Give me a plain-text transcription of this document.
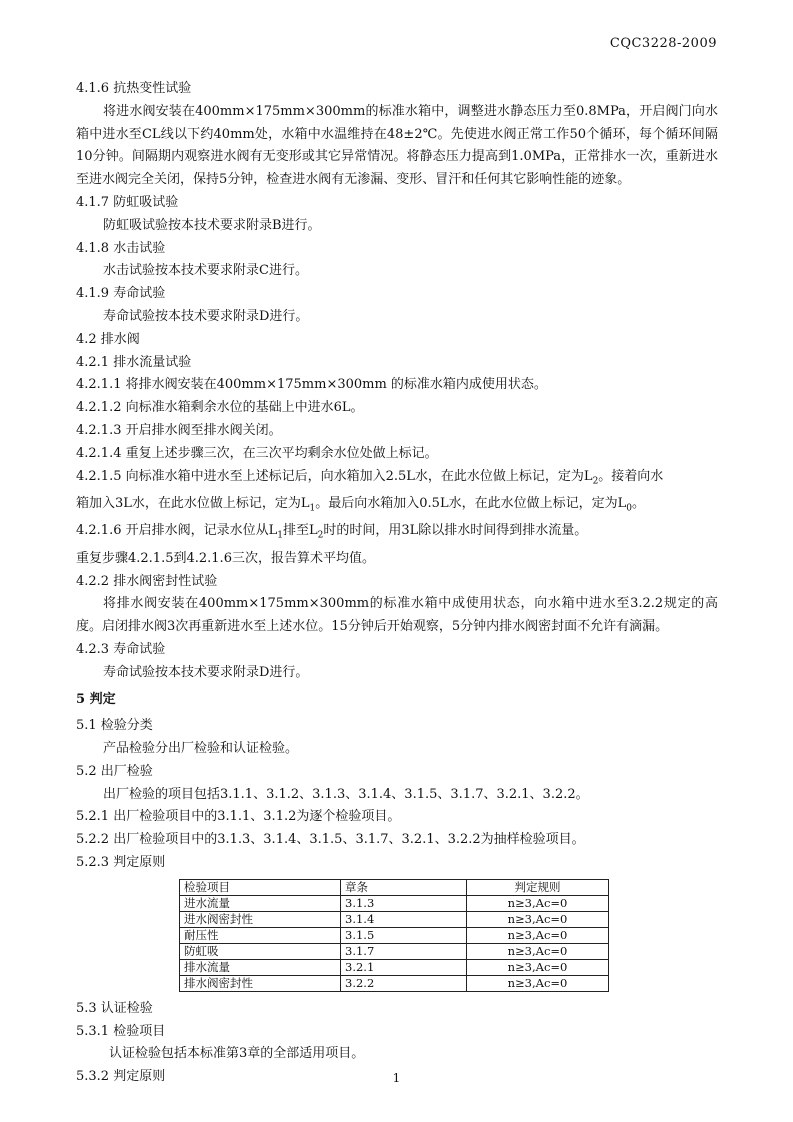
CQC3228-2009
4.1.6 抗热变性试验
将进水阀安装在400mm×175mm×300mm的标准水箱中，调整进水静态压力至0.8MPa，开启阀门向水箱中进水至CL线以下约40mm处，水箱中水温维持在48±2℃。先使进水阀正常工作50个循环，每个循环间隔10分钟。间隔期内观察进水阀有无变形或其它异常情况。将静态压力提高到1.0MPa，正常排水一次，重新进水至进水阀完全关闭，保持5分钟，检查进水阀有无渗漏、变形、冒汗和任何其它影响性能的迹象。
4.1.7 防虹吸试验
防虹吸试验按本技术要求附录B进行。
4.1.8 水击试验
水击试验按本技术要求附录C进行。
4.1.9 寿命试验
寿命试验按本技术要求附录D进行。
4.2 排水阀
4.2.1 排水流量试验
4.2.1.1 将排水阀安装在400mm×175mm×300mm 的标准水箱内成使用状态。
4.2.1.2 向标准水箱剩余水位的基础上中进水6L。
4.2.1.3 开启排水阀至排水阀关闭。
4.2.1.4 重复上述步骤三次，在三次平均剩余水位处做上标记。
4.2.1.5 向标准水箱中进水至上述标记后，向水箱加入2.5L水，在此水位做上标记，定为$L_2$。接着向水
箱加入3L水，在此水位做上标记，定为$L_1$。最后向水箱加入0.5L水，在此水位做上标记，定为$L_0$。
4.2.1.6 开启排水阀，记录水位从$L_1$排至$L_2$时的时间，用3L除以排水时间得到排水流量。
重复步骤4.2.1.5到4.2.1.6三次，报告算术平均值。
4.2.2 排水阀密封性试验
将排水阀安装在400mm×175mm×300mm的标准水箱中成使用状态，向水箱中进水至3.2.2规定的高度。启闭排水阀3次再重新进水至上述水位。15分钟后开始观察，5分钟内排水阀密封面不允许有滴漏。
4.2.3 寿命试验
寿命试验按本技术要求附录D进行。
5 判定
5.1 检验分类
产品检验分出厂检验和认证检验。
5.2 出厂检验
出厂检验的项目包括3.1.1、3.1.2、3.1.3、3.1.4、3.1.5、3.1.7、3.2.1、3.2.2。
5.2.1 出厂检验项目中的3.1.1、3.1.2为逐个检验项目。
5.2.2 出厂检验项目中的3.1.3、3.1.4、3.1.5、3.1.7、3.2.1、3.2.2为抽样检验项目。
5.2.3 判定原则
检验项目	章条	判定规则
进水流量	3.1.3	n≥3,Ac=0
进水阀密封性	3.1.4	n≥3,Ac=0
耐压性	3.1.5	n≥3,Ac=0
防虹吸	3.1.7	n≥3,Ac=0
排水流量	3.2.1	n≥3,Ac=0
排水阀密封性	3.2.2	n≥3,Ac=0
5.3 认证检验
5.3.1 检验项目
认证检验包括本标准第3章的全部适用项目。
5.3.2 判定原则	1
